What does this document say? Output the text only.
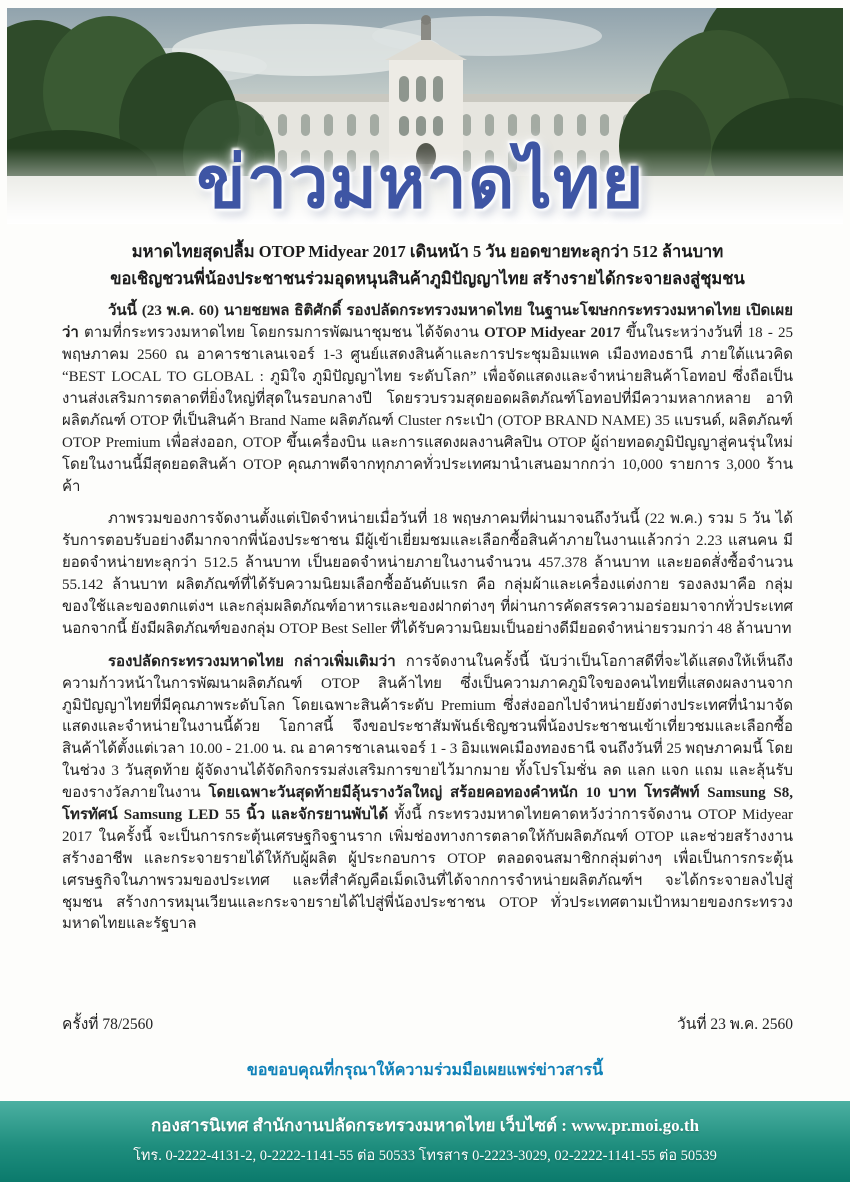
ข่าวมหาดไทย
มหาดไทยสุดปลื้ม OTOP Midyear 2017 เดินหน้า 5 วัน ยอดขายทะลุกว่า 512 ล้านบาท
ขอเชิญชวนพี่น้องประชาชนร่วมอุดหนุนสินค้าภูมิปัญญาไทย สร้างรายได้กระจายลงสู่ชุมชน

วันนี้ (23 พ.ค. 60) นายชยพล ธิติศักดิ์ รองปลัดกระทรวงมหาดไทย ในฐานะโฆษกกระทรวงมหาดไทย เปิดเผยว่า ตามที่กระทรวงมหาดไทย โดยกรมการพัฒนาชุมชน ได้จัดงาน OTOP Midyear 2017 ขึ้นในระหว่างวันที่ 18 - 25 พฤษภาคม 2560 ณ อาคารชาเลนเจอร์ 1-3 ศูนย์แสดงสินค้าและการประชุมอิมแพค เมืองทองธานี ภายใต้แนวคิด “BEST LOCAL TO GLOBAL : ภูมิใจ ภูมิปัญญาไทย ระดับโลก” เพื่อจัดแสดงและจำหน่ายสินค้าโอทอป ซึ่งถือเป็นงานส่งเสริมการตลาดที่ยิ่งใหญ่ที่สุดในรอบกลางปี โดยรวบรวมสุดยอดผลิตภัณฑ์โอทอปที่มีความหลากหลาย อาทิ ผลิตภัณฑ์ OTOP ที่เป็นสินค้า Brand Name ผลิตภัณฑ์ Cluster กระเป๋า (OTOP BRAND NAME) 35 แบรนด์, ผลิตภัณฑ์ OTOP Premium เพื่อส่งออก, OTOP ขึ้นเครื่องบิน และการแสดงผลงานศิลปิน OTOP ผู้ถ่ายทอดภูมิปัญญาสู่คนรุ่นใหม่ โดยในงานนี้มีสุดยอดสินค้า OTOP คุณภาพดีจากทุกภาคทั่วประเทศมานำเสนอมากกว่า 10,000 รายการ 3,000 ร้านค้า

ภาพรวมของการจัดงานตั้งแต่เปิดจำหน่ายเมื่อวันที่ 18 พฤษภาคมที่ผ่านมาจนถึงวันนี้ (22 พ.ค.) รวม 5 วัน ได้รับการตอบรับอย่างดีมากจากพี่น้องประชาชน มีผู้เข้าเยี่ยมชมและเลือกซื้อสินค้าภายในงานแล้วกว่า 2.23 แสนคน มียอดจำหน่ายทะลุกว่า 512.5 ล้านบาท เป็นยอดจำหน่ายภายในงานจำนวน 457.378 ล้านบาท และยอดสั่งซื้อจำนวน 55.142 ล้านบาท ผลิตภัณฑ์ที่ได้รับความนิยมเลือกซื้ออันดับแรก คือ กลุ่มผ้าและเครื่องแต่งกาย รองลงมาคือ กลุ่มของใช้และของตกแต่งฯ และกลุ่มผลิตภัณฑ์อาหารและของฝากต่างๆ ที่ผ่านการคัดสรรความอร่อยมาจากทั่วประเทศ นอกจากนี้ ยังมีผลิตภัณฑ์ของกลุ่ม OTOP Best Seller ที่ได้รับความนิยมเป็นอย่างดีมียอดจำหน่ายรวมกว่า 48 ล้านบาท

รองปลัดกระทรวงมหาดไทย กล่าวเพิ่มเติมว่า การจัดงานในครั้งนี้ นับว่าเป็นโอกาสดีที่จะได้แสดงให้เห็นถึงความก้าวหน้าในการพัฒนาผลิตภัณฑ์ OTOP สินค้าไทย ซึ่งเป็นความภาคภูมิใจของคนไทยที่แสดงผลงานจากภูมิปัญญาไทยที่มีคุณภาพระดับโลก โดยเฉพาะสินค้าระดับ Premium ซึ่งส่งออกไปจำหน่ายยังต่างประเทศที่นำมาจัดแสดงและจำหน่ายในงานนี้ด้วย โอกาสนี้ จึงขอประชาสัมพันธ์เชิญชวนพี่น้องประชาชนเข้าเที่ยวชมและเลือกซื้อสินค้าได้ตั้งแต่เวลา 10.00 - 21.00 น. ณ อาคารชาเลนเจอร์ 1 - 3 อิมแพคเมืองทองธานี จนถึงวันที่ 25 พฤษภาคมนี้ โดยในช่วง 3 วันสุดท้าย ผู้จัดงานได้จัดกิจกรรมส่งเสริมการขายไว้มากมาย ทั้งโปรโมชั่น ลด แลก แจก แถม และลุ้นรับของรางวัลภายในงาน โดยเฉพาะวันสุดท้ายมีลุ้นรางวัลใหญ่ สร้อยคอทองคำหนัก 10 บาท โทรศัพท์ Samsung S8, โทรทัศน์ Samsung LED 55 นิ้ว และจักรยานพับได้ ทั้งนี้ กระทรวงมหาดไทยคาดหวังว่าการจัดงาน OTOP Midyear 2017 ในครั้งนี้ จะเป็นการกระตุ้นเศรษฐกิจฐานราก เพิ่มช่องทางการตลาดให้กับผลิตภัณฑ์ OTOP และช่วยสร้างงาน สร้างอาชีพ และกระจายรายได้ให้กับผู้ผลิต ผู้ประกอบการ OTOP ตลอดจนสมาชิกกลุ่มต่างๆ เพื่อเป็นการกระตุ้นเศรษฐกิจในภาพรวมของประเทศ และที่สำคัญคือเม็ดเงินที่ได้จากการจำหน่ายผลิตภัณฑ์ฯ จะได้กระจายลงไปสู่ชุมชน สร้างการหมุนเวียนและกระจายรายได้ไปสู่พี่น้องประชาชน OTOP ทั่วประเทศตามเป้าหมายของกระทรวงมหาดไทยและรัฐบาล

ครั้งที่ 78/2560	วันที่ 23 พ.ค. 2560
ขอขอบคุณที่กรุณาให้ความร่วมมือเผยแพร่ข่าวสารนี้
กองสารนิเทศ สำนักงานปลัดกระทรวงมหาดไทย เว็บไซต์ : www.pr.moi.go.th
โทร. 0-2222-4131-2, 0-2222-1141-55 ต่อ 50533 โทรสาร 0-2223-3029, 02-2222-1141-55 ต่อ 50539
